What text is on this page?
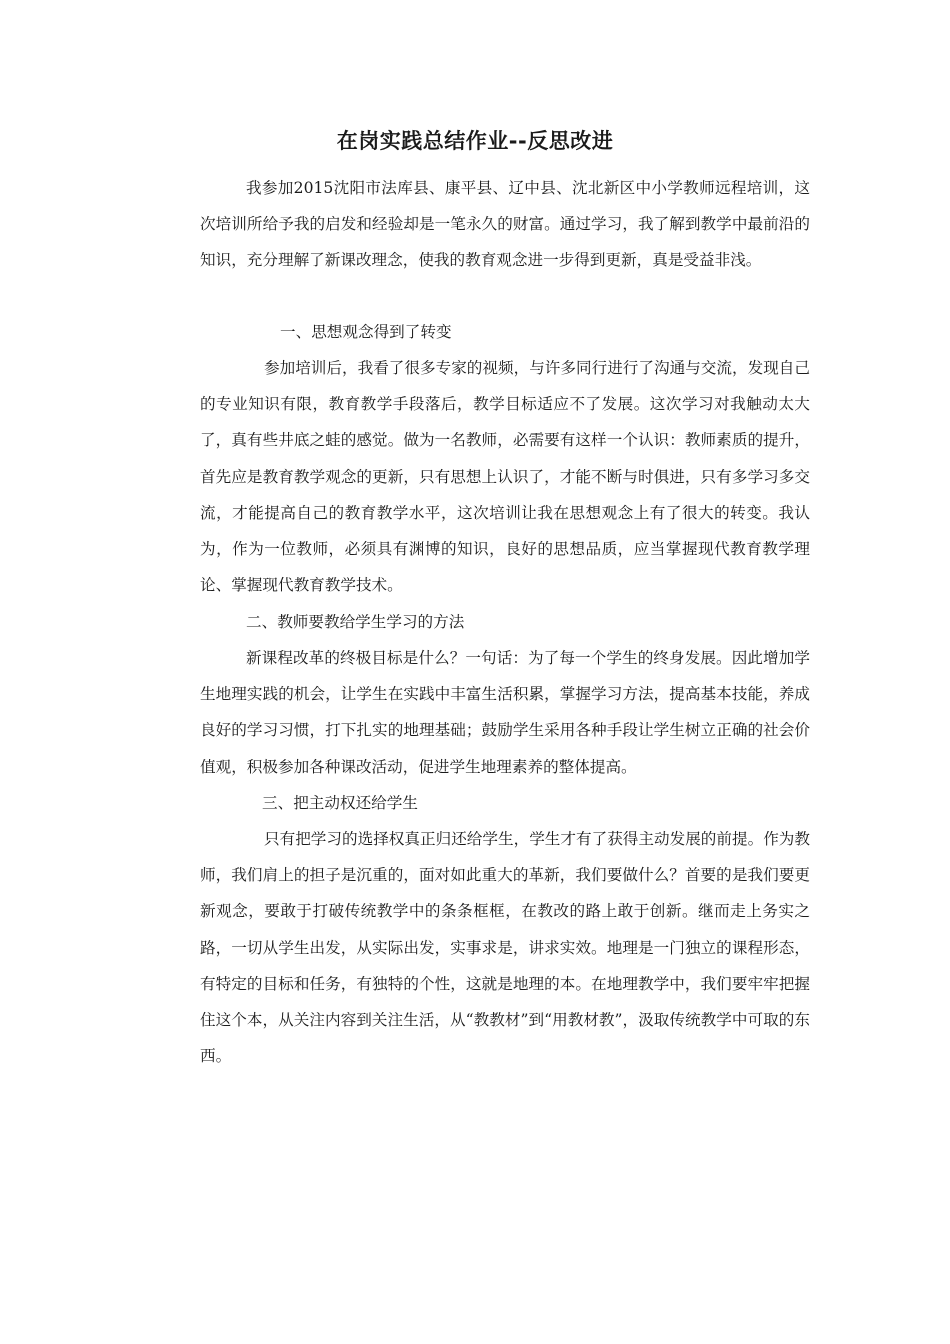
在岗实践总结作业--反思改进

我参加2015沈阳市法库县、康平县、辽中县、沈北新区中小学教师远程培训，这次培训所给予我的启发和经验却是一笔永久的财富。通过学习，我了解到教学中最前沿的知识，充分理解了新课改理念，使我的教育观念进一步得到更新，真是受益非浅。

一、思想观念得到了转变

参加培训后，我看了很多专家的视频，与许多同行进行了沟通与交流，发现自己的专业知识有限，教育教学手段落后，教学目标适应不了发展。这次学习对我触动太大了，真有些井底之蛙的感觉。做为一名教师，必需要有这样一个认识：教师素质的提升，首先应是教育教学观念的更新，只有思想上认识了，才能不断与时俱进，只有多学习多交流，才能提高自己的教育教学水平，这次培训让我在思想观念上有了很大的转变。我认为，作为一位教师，必须具有渊博的知识，良好的思想品质，应当掌握现代教育教学理论、掌握现代教育教学技术。

二、教师要教给学生学习的方法

新课程改革的终极目标是什么？一句话：为了每一个学生的终身发展。因此增加学生地理实践的机会，让学生在实践中丰富生活积累，掌握学习方法，提高基本技能，养成良好的学习习惯，打下扎实的地理基础；鼓励学生采用各种手段让学生树立正确的社会价值观，积极参加各种课改活动，促进学生地理素养的整体提高。

三、把主动权还给学生

只有把学习的选择权真正归还给学生，学生才有了获得主动发展的前提。作为教师，我们肩上的担子是沉重的，面对如此重大的革新，我们要做什么？首要的是我们要更新观念，要敢于打破传统教学中的条条框框，在教改的路上敢于创新。继而走上务实之路，一切从学生出发，从实际出发，实事求是，讲求实效。地理是一门独立的课程形态，有特定的目标和任务，有独特的个性，这就是地理的本。在地理教学中，我们要牢牢把握住这个本，从关注内容到关注生活，从“教教材”到“用教材教”，汲取传统教学中可取的东西。
